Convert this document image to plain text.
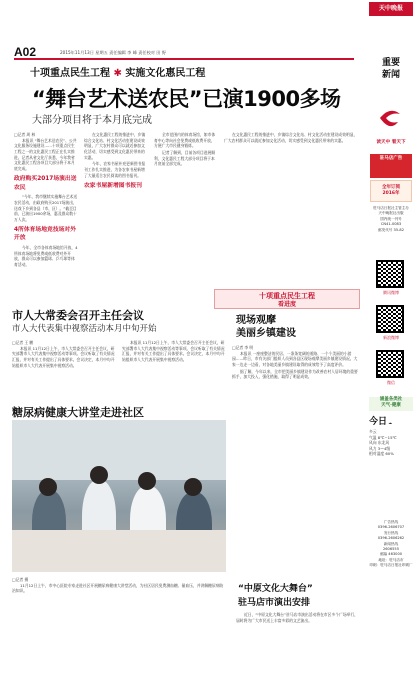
A02	2015年11月13日 星期五 责任编辑 李 峰 责任校对 田 野
十项重点民生工程 ✱ 实施文化惠民工程
“舞台艺术送农民”已演1900多场
大部分项目将于本月底完成
□记者 周 林

本报讯 “舞台艺术送农民”、公共文化服务设施建设……十项重点民生工程之一的文化惠民工程正在扎实推进。记者从省文化厅获悉，今年我省文化惠民工程各项目大部分将于本月底完成。

政府购买2017场演出送农民

“今年，我市继续实施舞台艺术送农民活动，由政府购买2017场演出，送戏下乡到各县（市、区）。”截至目前，已演出1900余场，惠及群众数十万人次。

4所体育场地竞技场对外开放

今年，全市各体育场地馆开放，4所体育场地将免费或低收费对外开放，群众可以参加篮球、乒乓球等体育活动。

在文化惠民工程的推进中，乡镇综合文化站、村文化活动室建设成效明显，广大农村群众可以就近参加文化活动，切实感受到文化惠民带来的实惠。

今年，农家书屋补充更新图书报刊工作扎实推进，为各农家书屋新增了大量适合农民阅读的图书报刊。

农家书屋新增图书报刊

全市范围内的体育场馆，如市体育中心等向社会免费或低收费开放，方便广大市民健身锻炼。

记者了解到，目前各项目进展顺利，文化惠民工程大部分项目将于本月底前全部完成。

在文化惠民工程的推进中，乡镇综合文化站、村文化活动室建设成效明显，广大农村群众可以就近参加文化活动，切实感受到文化惠民带来的实惠。

十项重点民生工程
看进度
市人大常委会召开主任会议
市人大代表集中视察活动本月中旬开始
□记者 王 鹏

本报讯 11月12日上午，市人大常委会召开主任会议，研究部署市人大代表集中视察活动等事项。会议听取了有关情况汇报，并对有关工作提出了具体要求。会议决定，本月中旬开始组织市人大代表开展集中视察活动。

本报讯 11月12日上午，市人大常委会召开主任会议，研究部署市人大代表集中视察活动等事项。会议听取了有关情况汇报，并对有关工作提出了具体要求。会议决定，本月中旬开始组织市人大代表开展集中视察活动。

现场观摩
美丽乡镇建设
□记者 李 明

本报讯 一座座整洁的民居、一条条宽阔的道路、一个个美丽的小游园……昨日，市有关部门组织人员到各县区现场观摩美丽乡镇建设情况。大家一边走一边看，对各地美丽乡镇建设取得的成效给予了高度评价。

据了解，今年以来，全市把美丽乡镇建设作为改善农村人居环境的重要抓手，加大投入，强化措施，取得了明显成效。

糖尿病健康大讲堂走进社区
□记者 摄

11月12日上午，市中心医院专家走进社区开展糖尿病健康大讲堂活动，为社区居民免费测血糖、量血压，并讲解糖尿病防治知识。	“中原文化大舞台”
驻马店市演出安排

近日，“中原文化大舞台”驻马店市演出活动将在市区多个广场举行，届时将为广大市民送上丰富多彩的文艺演出。

天中晚报
重要
新闻
读天中 看天下
驻马店广告
全年订阅
2016年
驻马店日报社主管主办
天中晚报社出版
国内统一刊号
CN41-0083
邮发代号 35-82
腾讯微博
新浪微博
微信
涵盖各类社
天气·健康
今日 ☁
多云
气温 8℃~15℃
风向 东北风
风力 3～4级
相对湿度 60%
广告热线
0396-2606707
发行热线
0396-2606262
新闻热线
2606555
邮编 463000
地址：驻马店市
印刷：驻马店日报社印刷厂
